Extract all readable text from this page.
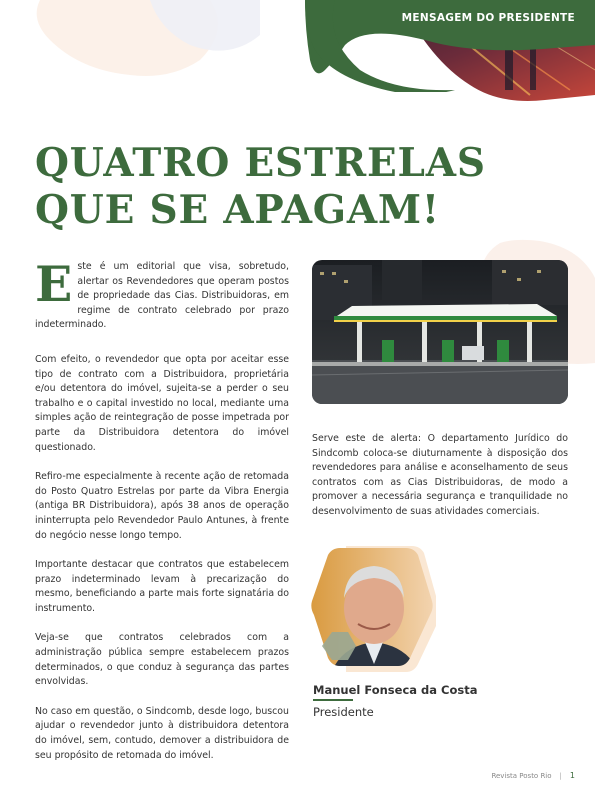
MENSAGEM DO PRESIDENTE
QUATRO ESTRELAS
QUE SE APAGAM!

Este é um editorial que visa, sobretudo, alertar os Revendedores que operam postos de propriedade das Cias. Distribuidoras, em regime de contrato celebrado por prazo indeterminado.

Com efeito, o revendedor que opta por aceitar esse tipo de contrato com a Distribuidora, proprietária e/ou detentora do imóvel, sujeita-se a perder o seu trabalho e o capital investido no local, mediante uma simples ação de reintegração de posse impetrada por parte da Distribuidora detentora do imóvel questionado.

Refiro-me especialmente à recente ação de retomada do Posto Quatro Estrelas por parte da Vibra Energia (antiga BR Distribuidora), após 38 anos de operação ininterrupta pelo Revendedor Paulo Antunes, à frente do negócio nesse longo tempo.

Importante destacar que contratos que estabelecem prazo indeterminado levam à precarização do mesmo, beneficiando a parte mais forte signatária do instrumento.

Veja-se que contratos celebrados com a administração pública sempre estabelecem prazos determinados, o que conduz à segurança das partes envolvidas.

No caso em questão, o Sindcomb, desde logo, buscou ajudar o revendedor junto à distribuidora detentora do imóvel, sem, contudo, demover a distribuidora de seu propósito de retomada do imóvel.

Serve este de alerta: O departamento Jurídico do Sindcomb coloca-se diuturnamente à disposição dos revendedores para análise e aconselhamento de seus contratos com as Cias Distribuidoras, de modo a promover a necessária segurança e tranquilidade no desenvolvimento de suas atividades comerciais.

Manuel Fonseca da Costa
Presidente
Revista Posto Rio | 1
